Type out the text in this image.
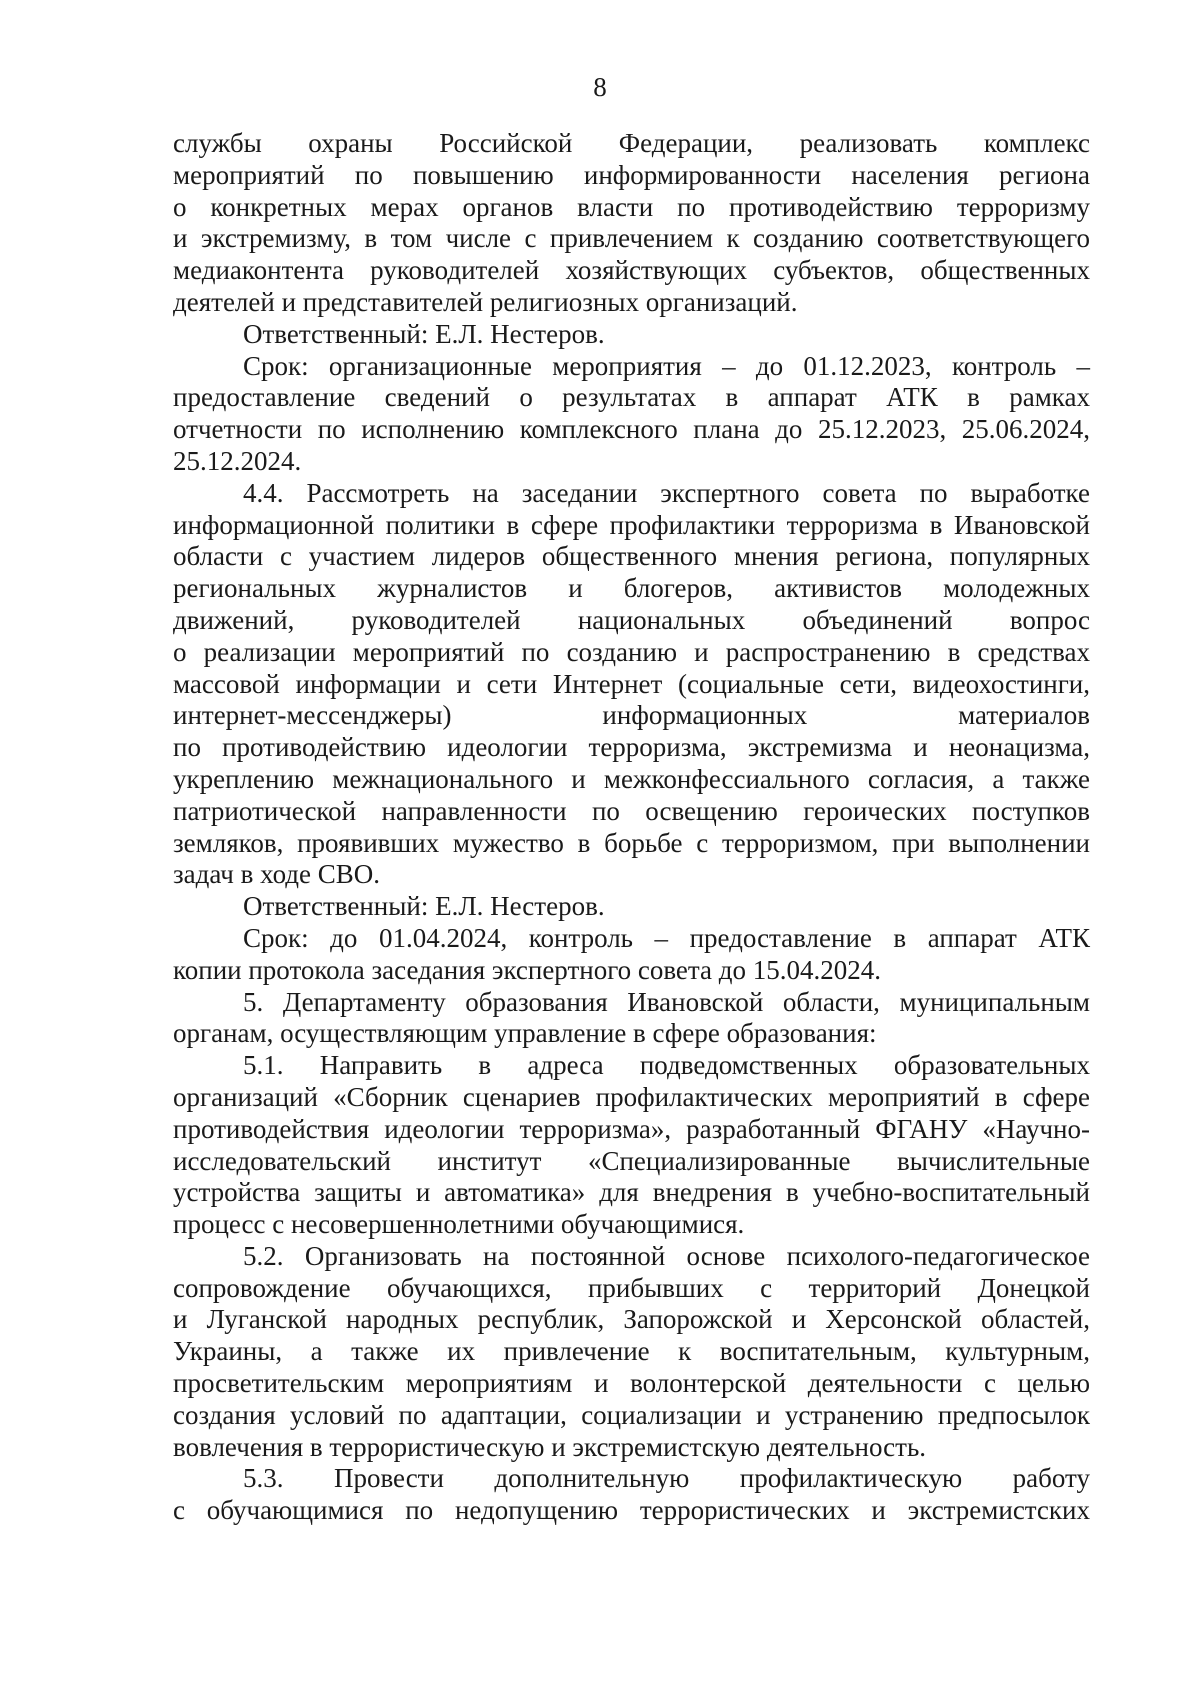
8
службы охраны Российской Федерации, реализовать комплекс
мероприятий по повышению информированности населения региона
о конкретных мерах органов власти по противодействию терроризму
и экстремизму, в том числе с привлечением к созданию соответствующего
медиаконтента руководителей хозяйствующих субъектов, общественных
деятелей и представителей религиозных организаций.
Ответственный: Е.Л. Нестеров.
Срок: организационные мероприятия – до 01.12.2023, контроль –
предоставление сведений о результатах в аппарат АТК в рамках
отчетности по исполнению комплексного плана до 25.12.2023, 25.06.2024,
25.12.2024.
4.4. Рассмотреть на заседании экспертного совета по выработке
информационной политики в сфере профилактики терроризма в Ивановской
области с участием лидеров общественного мнения региона, популярных
региональных журналистов и блогеров, активистов молодежных
движений, руководителей национальных объединений вопрос
о реализации мероприятий по созданию и распространению в средствах
массовой информации и сети Интернет (социальные сети, видеохостинги,
интернет-мессенджеры) информационных материалов
по противодействию идеологии терроризма, экстремизма и неонацизма,
укреплению межнационального и межконфессиального согласия, а также
патриотической направленности по освещению героических поступков
земляков, проявивших мужество в борьбе с терроризмом, при выполнении
задач в ходе СВО.
Ответственный: Е.Л. Нестеров.
Срок: до 01.04.2024, контроль – предоставление в аппарат АТК
копии протокола заседания экспертного совета до 15.04.2024.
5. Департаменту образования Ивановской области, муниципальным
органам, осуществляющим управление в сфере образования:
5.1. Направить в адреса подведомственных образовательных
организаций «Сборник сценариев профилактических мероприятий в сфере
противодействия идеологии терроризма», разработанный ФГАНУ «Научно-
исследовательский институт «Специализированные вычислительные
устройства защиты и автоматика» для внедрения в учебно-воспитательный
процесс с несовершеннолетними обучающимися.
5.2. Организовать на постоянной основе психолого-педагогическое
сопровождение обучающихся, прибывших с территорий Донецкой
и Луганской народных республик, Запорожской и Херсонской областей,
Украины, а также их привлечение к воспитательным, культурным,
просветительским мероприятиям и волонтерской деятельности с целью
создания условий по адаптации, социализации и устранению предпосылок
вовлечения в террористическую и экстремистскую деятельность.
5.3. Провести дополнительную профилактическую работу
с обучающимися по недопущению террористических и экстремистских
